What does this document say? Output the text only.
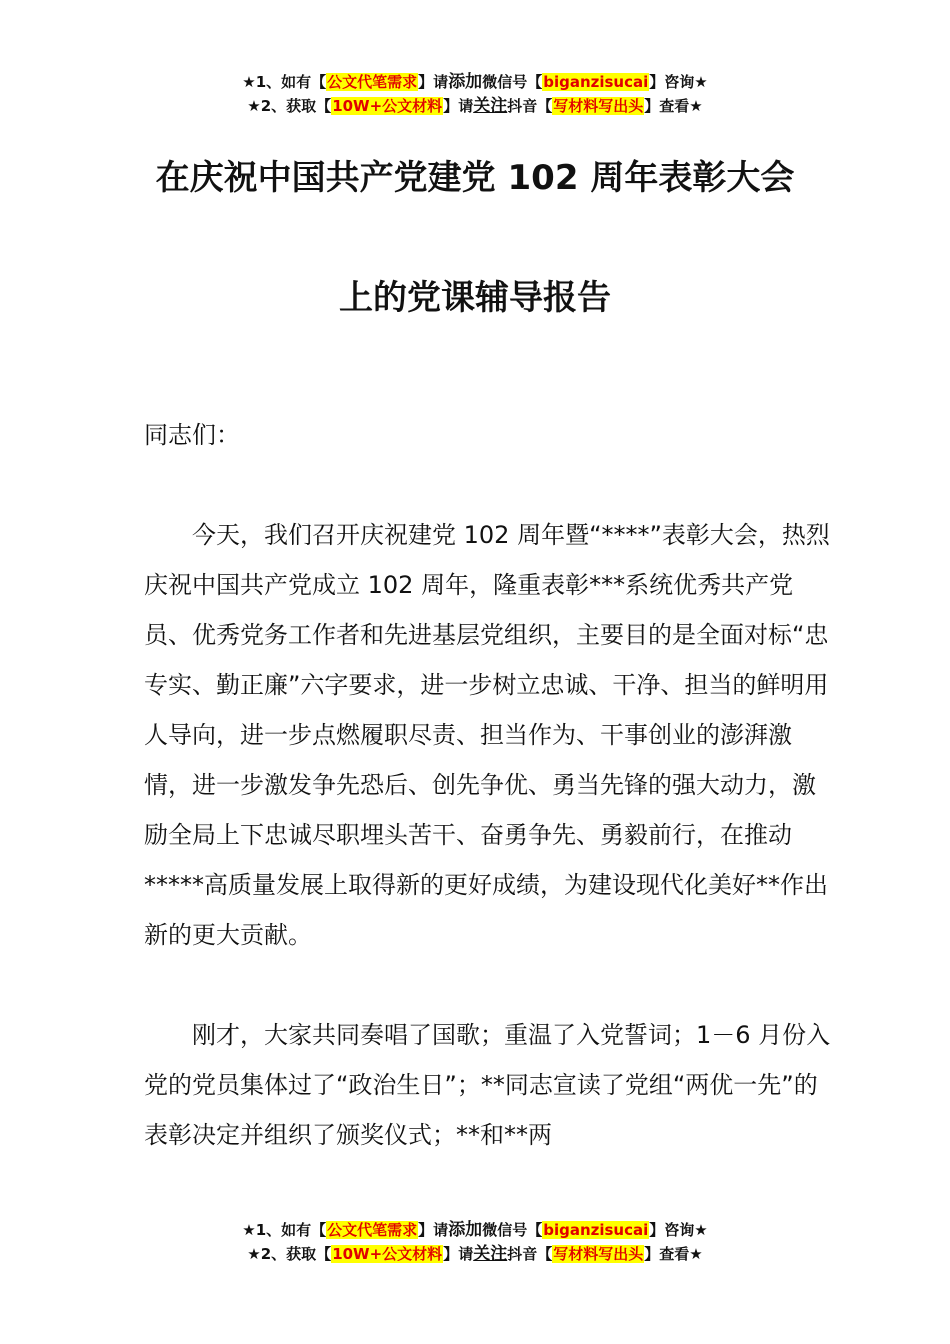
★1、如有【公文代笔需求】请添加微信号【biganzisucai】咨询★
★2、获取【10W+公文材料】请关注抖音【写材料写出头】查看★
在庆祝中国共产党建党 102 周年表彰大会
上的党课辅导报告

同志们：

今天，我们召开庆祝建党 102 周年暨“****”表彰大会，热烈庆祝中国共产党成立 102 周年，隆重表彰***系统优秀共产党员、优秀党务工作者和先进基层党组织，主要目的是全面对标“忠专实、勤正廉”六字要求，进一步树立忠诚、干净、担当的鲜明用人导向，进一步点燃履职尽责、担当作为、干事创业的澎湃激情，进一步激发争先恐后、创先争优、勇当先锋的强大动力，激励全局上下忠诚尽职埋头苦干、奋勇争先、勇毅前行，在推动*****高质量发展上取得新的更好成绩，为建设现代化美好**作出新的更大贡献。

刚才，大家共同奏唱了国歌；重温了入党誓词；1－6 月份入党的党员集体过了“政治生日”；**同志宣读了党组“两优一先”的表彰决定并组织了颁奖仪式；**和**两

★1、如有【公文代笔需求】请添加微信号【biganzisucai】咨询★
★2、获取【10W+公文材料】请关注抖音【写材料写出头】查看★
